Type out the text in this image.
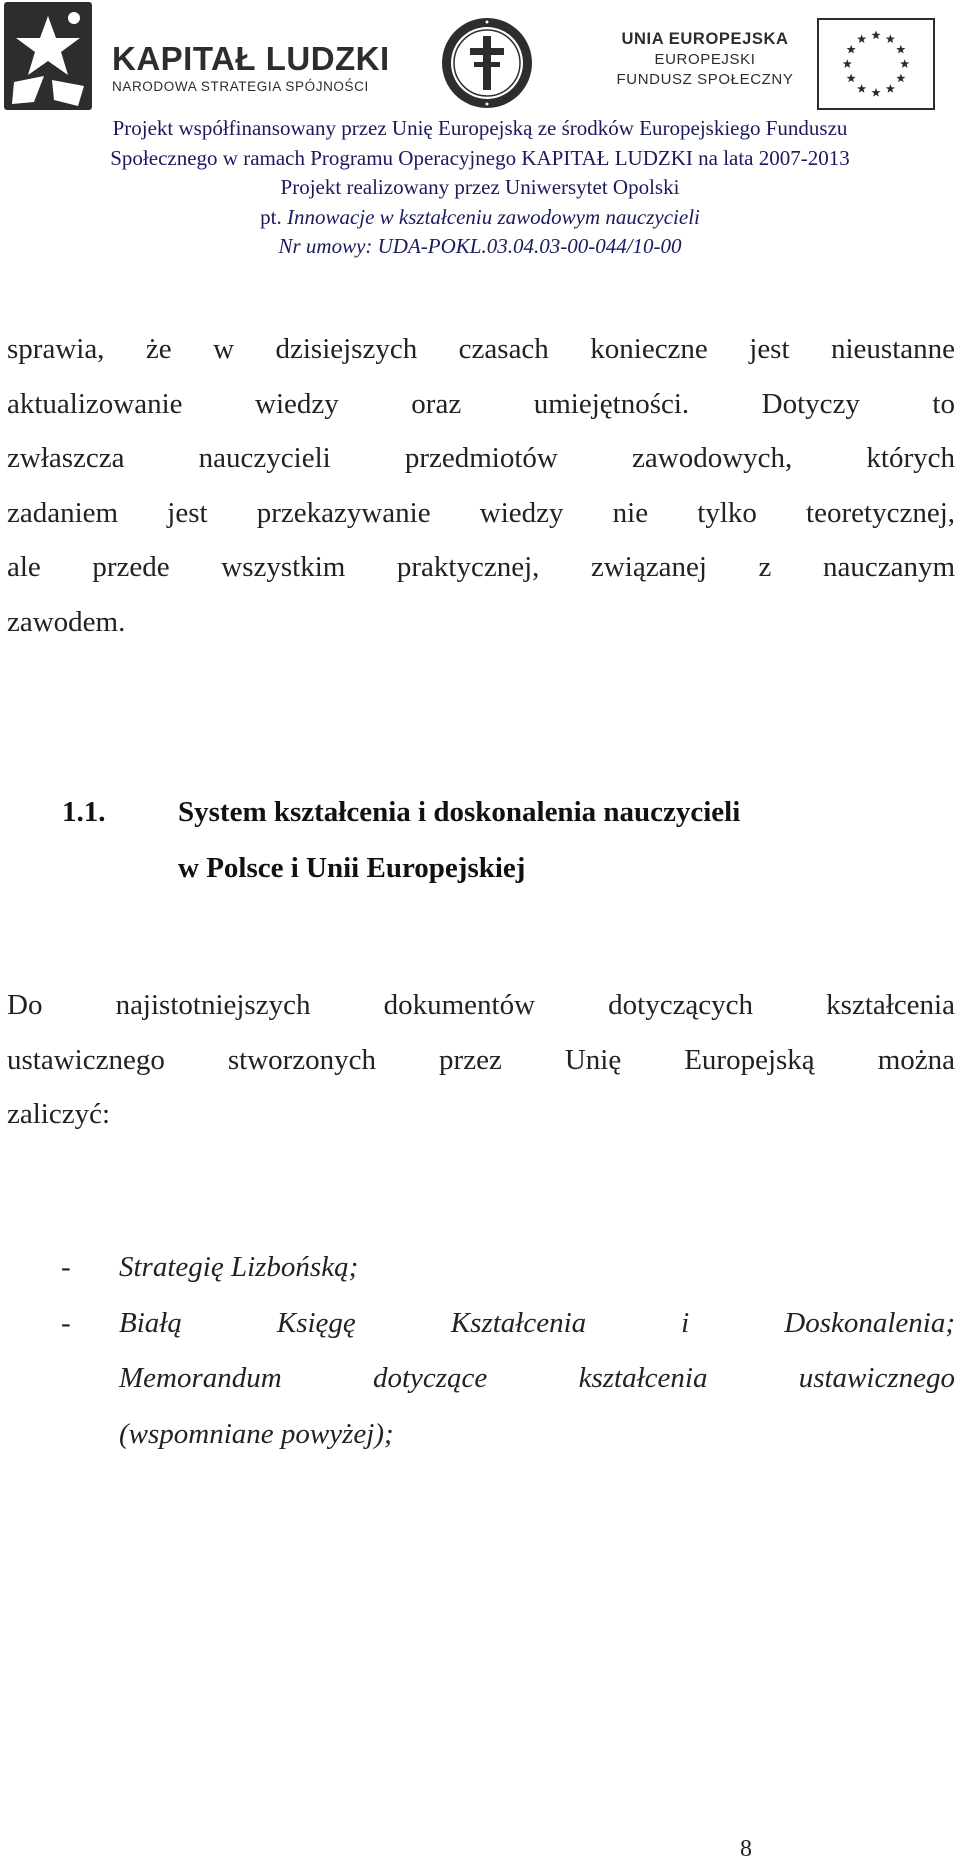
KAPITAŁ LUDZKI
NARODOWA STRATEGIA SPÓJNOŚCI
UNIA EUROPEJSKA
EUROPEJSKI
FUNDUSZ SPOŁECZNY
Projekt współfinansowany przez Unię Europejską ze środków Europejskiego Funduszu
Społecznego w ramach Programu Operacyjnego KAPITAŁ LUDZKI na lata 2007-2013
Projekt realizowany przez Uniwersytet Opolski
pt. Innowacje w kształceniu zawodowym nauczycieli
Nr umowy: UDA-POKL.03.04.03-00-044/10-00

sprawia, że w dzisiejszych czasach konieczne jest nieustanne

aktualizowanie wiedzy oraz umiejętności. Dotyczy to

zwłaszcza nauczycieli przedmiotów zawodowych, których

zadaniem jest przekazywanie wiedzy nie tylko teoretycznej,

ale przede wszystkim praktycznej, związanej z nauczanym

zawodem.

1.1.	System kształcenia i doskonalenia nauczycieli
w Polsce i Unii Europejskiej

Do najistotniejszych dokumentów dotyczących kształcenia

ustawicznego stworzonych przez Unię Europejską można

zaliczyć:

- Strategię Lizbońską;
- Białą Księgę Kształcenia i Doskonalenia;
Memorandum dotyczące kształcenia ustawicznego
(wspomniane powyżej);
8
